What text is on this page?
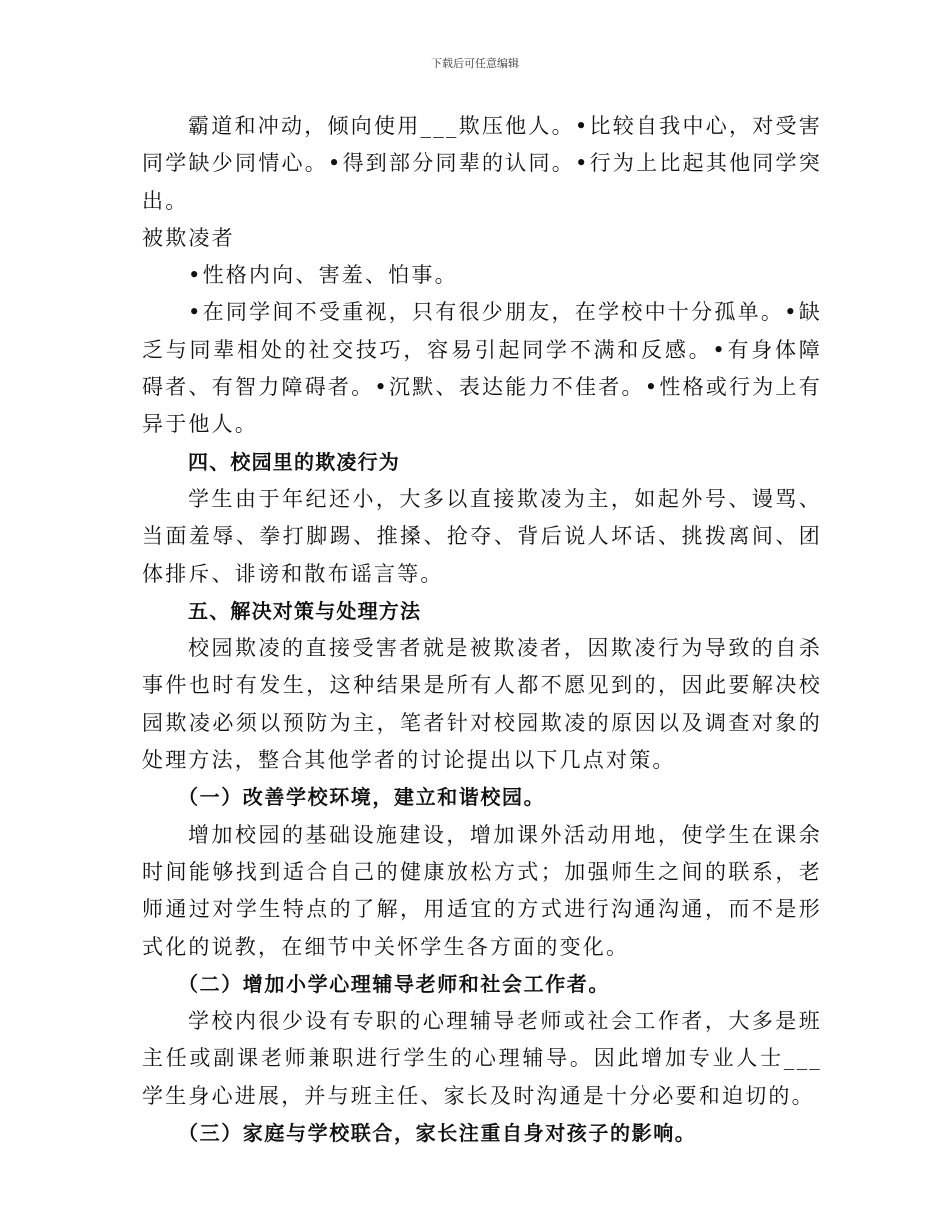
下载后可任意编辑

霸道和冲动，倾向使用___欺压他人。•比较自我中心，对受害同学缺少同情心。•得到部分同辈的认同。•行为上比起其他同学突出。

被欺凌者

•性格内向、害羞、怕事。

•在同学间不受重视，只有很少朋友，在学校中十分孤单。•缺乏与同辈相处的社交技巧，容易引起同学不满和反感。•有身体障碍者、有智力障碍者。•沉默、表达能力不佳者。•性格或行为上有异于他人。

四、校园里的欺凌行为

学生由于年纪还小，大多以直接欺凌为主，如起外号、谩骂、当面羞辱、拳打脚踢、推搡、抢夺、背后说人坏话、挑拨离间、团体排斥、诽谤和散布谣言等。

五、解决对策与处理方法

校园欺凌的直接受害者就是被欺凌者，因欺凌行为导致的自杀事件也时有发生，这种结果是所有人都不愿见到的，因此要解决校园欺凌必须以预防为主，笔者针对校园欺凌的原因以及调查对象的处理方法，整合其他学者的讨论提出以下几点对策。

（一）改善学校环境，建立和谐校园。

增加校园的基础设施建设，增加课外活动用地，使学生在课余时间能够找到适合自己的健康放松方式；加强师生之间的联系，老师通过对学生特点的了解，用适宜的方式进行沟通沟通，而不是形式化的说教，在细节中关怀学生各方面的变化。

（二）增加小学心理辅导老师和社会工作者。

学校内很少设有专职的心理辅导老师或社会工作者，大多是班主任或副课老师兼职进行学生的心理辅导。因此增加专业人士___学生身心进展，并与班主任、家长及时沟通是十分必要和迫切的。

（三）家庭与学校联合，家长注重自身对孩子的影响。
